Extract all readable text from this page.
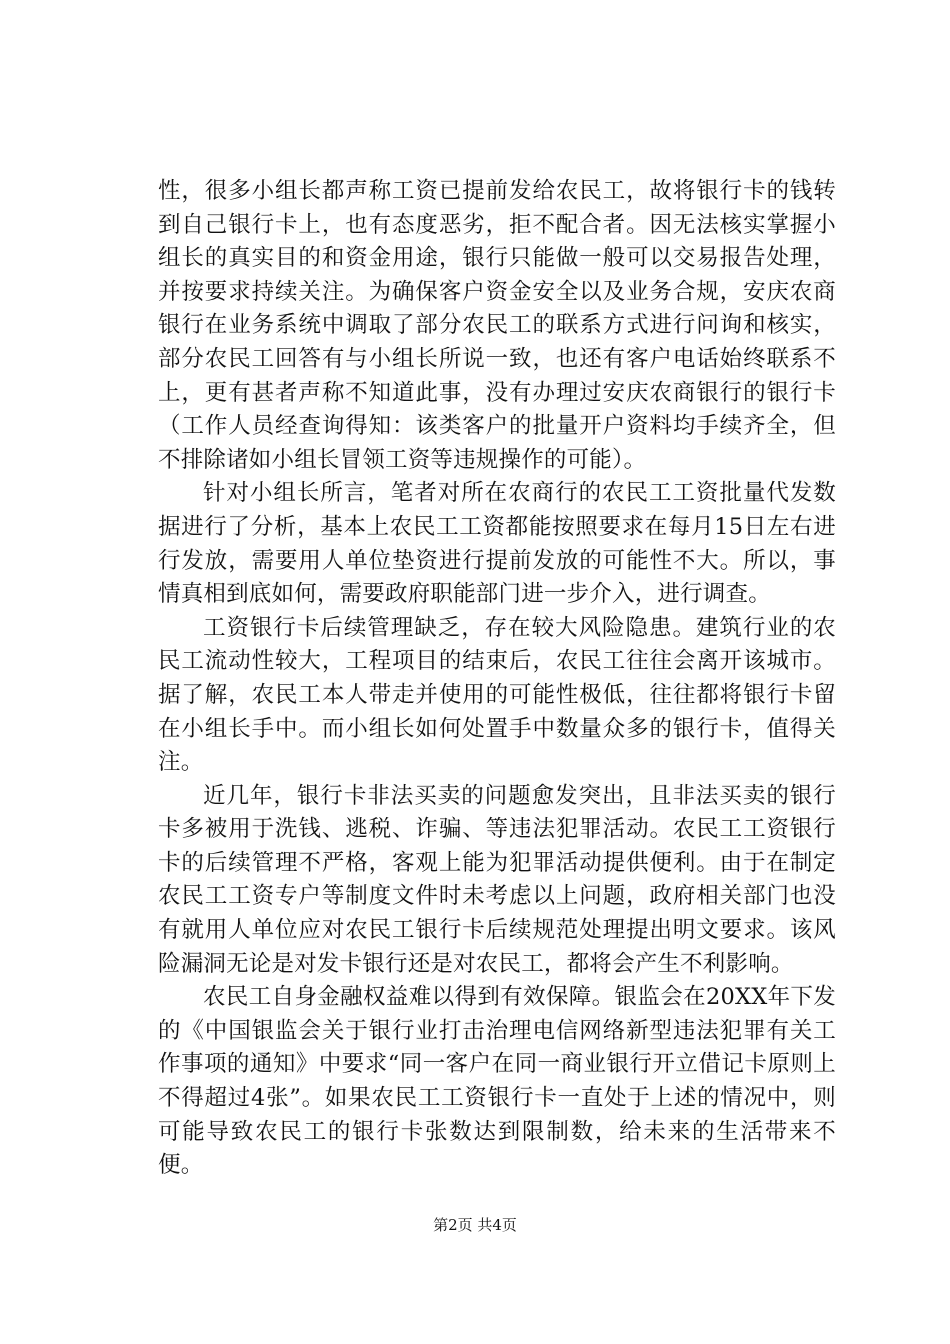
性，很多小组长都声称工资已提前发给农民工，故将银行卡的钱转到自己银行卡上，也有态度恶劣，拒不配合者。因无法核实掌握小组长的真实目的和资金用途，银行只能做一般可以交易报告处理，并按要求持续关注。为确保客户资金安全以及业务合规，安庆农商银行在业务系统中调取了部分农民工的联系方式进行问询和核实，部分农民工回答有与小组长所说一致，也还有客户电话始终联系不上，更有甚者声称不知道此事，没有办理过安庆农商银行的银行卡（工作人员经查询得知：该类客户的批量开户资料均手续齐全，但不排除诸如小组长冒领工资等违规操作的可能）。

针对小组长所言，笔者对所在农商行的农民工工资批量代发数据进行了分析，基本上农民工工资都能按照要求在每月15日左右进行发放，需要用人单位垫资进行提前发放的可能性不大。所以，事情真相到底如何，需要政府职能部门进一步介入，进行调查。

工资银行卡后续管理缺乏，存在较大风险隐患。建筑行业的农民工流动性较大，工程项目的结束后，农民工往往会离开该城市。据了解，农民工本人带走并使用的可能性极低，往往都将银行卡留在小组长手中。而小组长如何处置手中数量众多的银行卡，值得关注。

近几年，银行卡非法买卖的问题愈发突出，且非法买卖的银行卡多被用于洗钱、逃税、诈骗、等违法犯罪活动。农民工工资银行卡的后续管理不严格，客观上能为犯罪活动提供便利。由于在制定农民工工资专户等制度文件时未考虑以上问题，政府相关部门也没有就用人单位应对农民工银行卡后续规范处理提出明文要求。该风险漏洞无论是对发卡银行还是对农民工，都将会产生不利影响。

农民工自身金融权益难以得到有效保障。银监会在20XX年下发的《中国银监会关于银行业打击治理电信网络新型违法犯罪有关工作事项的通知》中要求“同一客户在同一商业银行开立借记卡原则上不得超过4张”。如果农民工工资银行卡一直处于上述的情况中，则可能导致农民工的银行卡张数达到限制数，给未来的生活带来不便。

第2页 共4页
